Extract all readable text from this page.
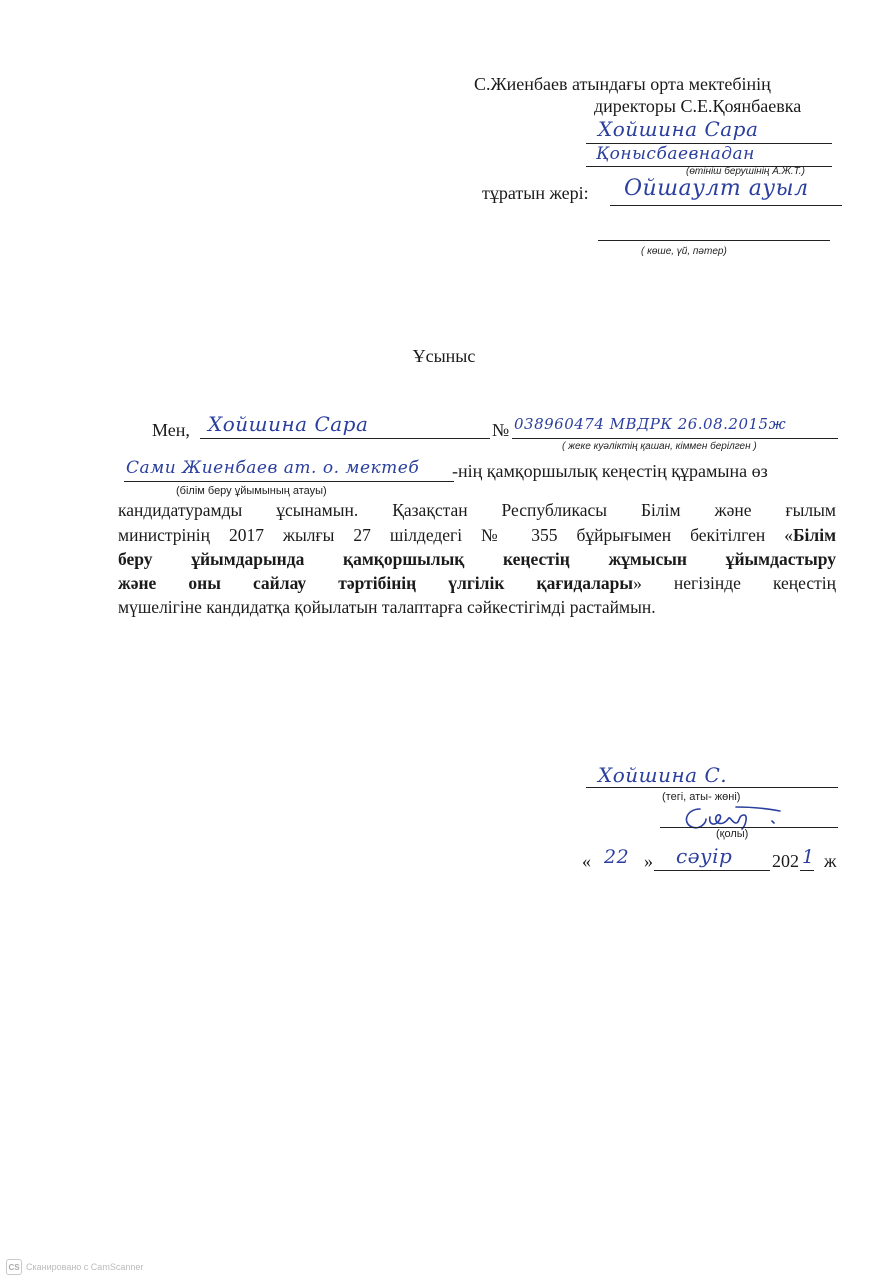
С.Жиенбаев атындағы орта мектебінің
директоры С.Е.Қоянбаевка
Хойшина Сара
Қонысбаевнадан
(өтініш берушінің А.Ж.Т.)
тұратын жері: Ойшаулт ауыл
( көше, үй, пәтер)
Ұсыныс
Мен, Хойшина Сара	№ 038960474 МВДРК 26.08.2015ж
( жеке куәліктің қашан, кіммен берілген )
Сами Жиенбаев ат. о. мектеб -нің қамқоршылық кеңестің құрамына өз
(білім беру ұйымының атауы)
кандидатурамды ұсынамын. Қазақстан Республикасы Білім және ғылым
министрінің 2017 жылғы 27 шілдедегі № 355 бұйрығымен бекітілген «Білім
беру ұйымдарында қамқоршылық кеңестің жұмысын ұйымдастыру
және оны сайлау тәртібінің үлгілік қағидалары» негізінде кеңестің
мүшелігіне кандидатқа қойылатын талаптарға сәйкестігімді растаймын.
Хойшина С.
(тегі, аты- жөні)
(қолы)
« 22 » сәуір 202 1 ж
CS Сканировано с CamScanner
